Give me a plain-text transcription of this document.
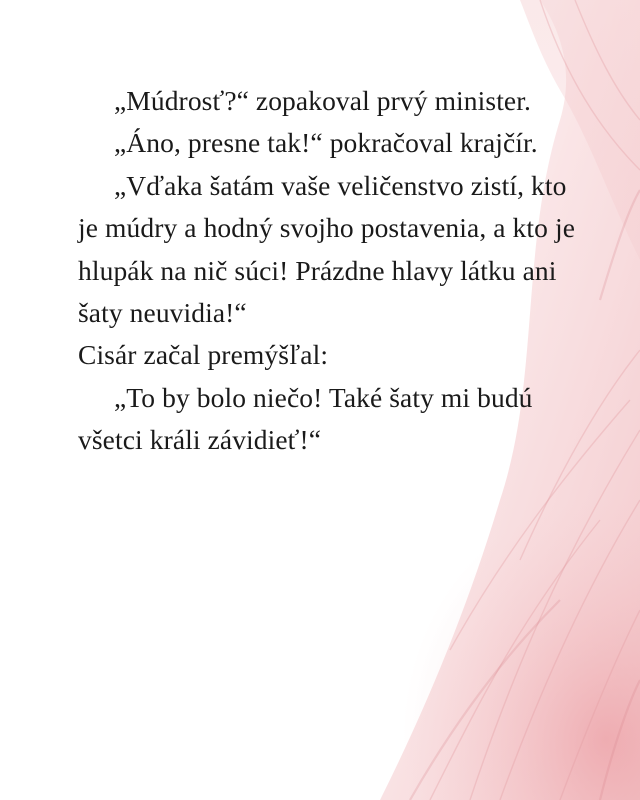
„Múdrosť?“ zopakoval prvý minister.

„Áno, presne tak!“ pokračoval krajčír.

„Vďaka šatám vaše veličenstvo zistí, kto je múdry a hodný svojho postavenia, a kto je hlupák na nič súci! Prázdne hlavy látku ani šaty neuvidia!“

Cisár začal premýšľal:

„To by bolo niečo! Také šaty mi budú všetci králi závidieť!“
